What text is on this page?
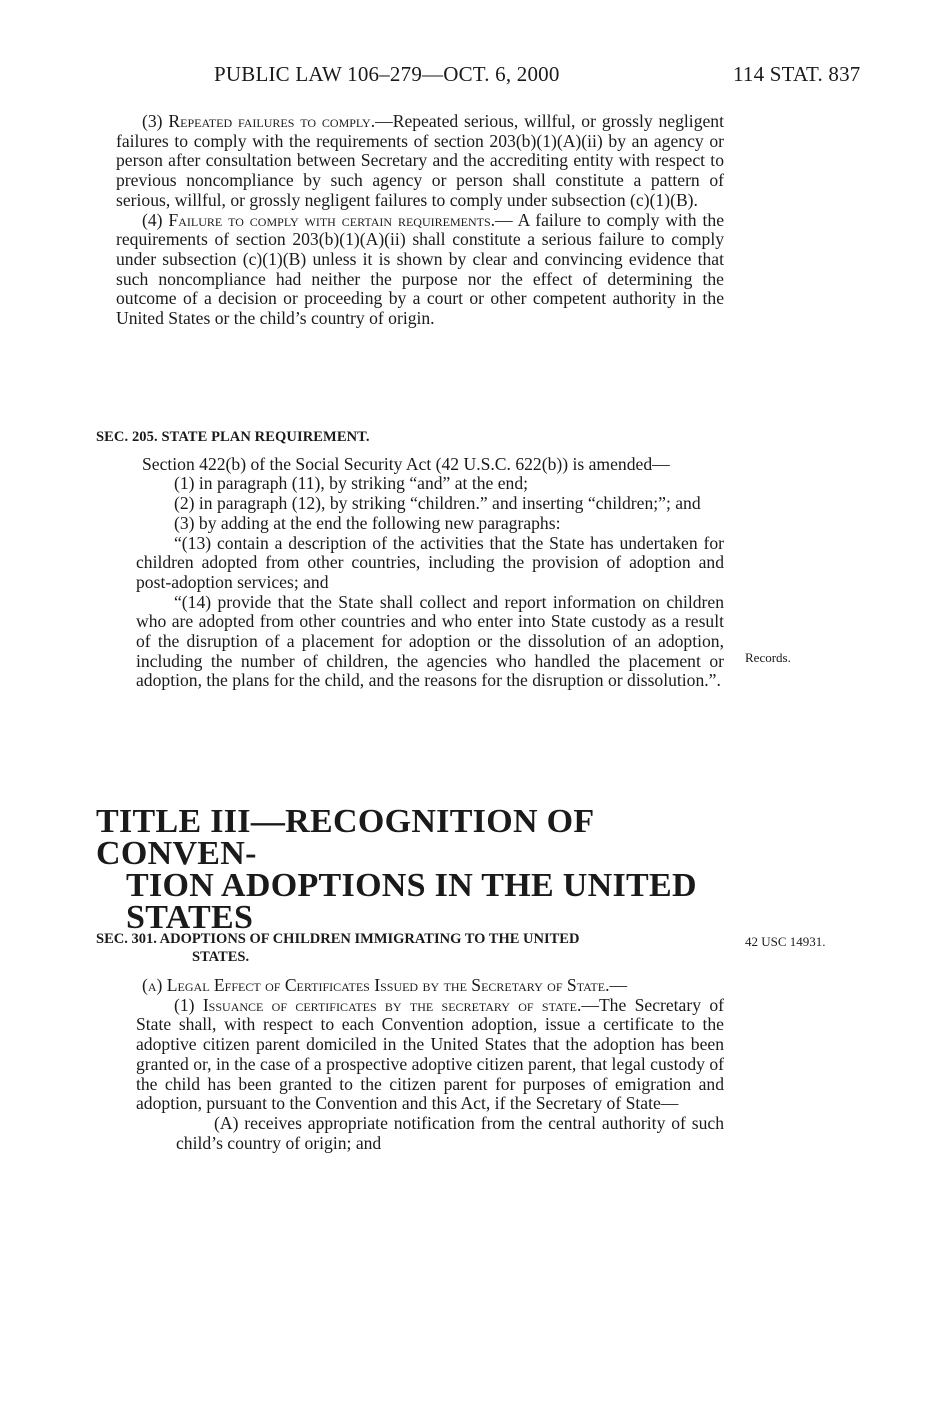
PUBLIC LAW 106–279—OCT. 6, 2000	114 STAT. 837

(3) Repeated failures to comply.—Repeated serious, willful, or grossly negligent failures to comply with the requirements of section 203(b)(1)(A)(ii) by an agency or person after consultation between Secretary and the accrediting entity with respect to previous noncompliance by such agency or person shall constitute a pattern of serious, willful, or grossly negligent failures to comply under subsection (c)(1)(B).

(4) Failure to comply with certain requirements.— A failure to comply with the requirements of section 203(b)(1)(A)(ii) shall constitute a serious failure to comply under subsection (c)(1)(B) unless it is shown by clear and convincing evidence that such noncompliance had neither the purpose nor the effect of determining the outcome of a decision or proceeding by a court or other competent authority in the United States or the child’s country of origin.

SEC. 205. STATE PLAN REQUIREMENT.

Section 422(b) of the Social Security Act (42 U.S.C. 622(b)) is amended—

(1) in paragraph (11), by striking “and” at the end;

(2) in paragraph (12), by striking “children.” and inserting “children;”; and

(3) by adding at the end the following new paragraphs:

“(13) contain a description of the activities that the State has undertaken for children adopted from other countries, including the provision of adoption and post-adoption services; and

“(14) provide that the State shall collect and report information on children who are adopted from other countries and who enter into State custody as a result of the disruption of a placement for adoption or the dissolution of an adoption, including the number of children, the agencies who handled the placement or adoption, the plans for the child, and the reasons for the disruption or dissolution.”.

Records.
TITLE III—RECOGNITION OF CONVEN-
TION ADOPTIONS IN THE UNITED
STATES
SEC. 301. ADOPTIONS OF CHILDREN IMMIGRATING TO THE UNITED
STATES.
42 USC 14931.

(a) Legal Effect of Certificates Issued by the Secretary of State.—

(1) Issuance of certificates by the secretary of state.—The Secretary of State shall, with respect to each Convention adoption, issue a certificate to the adoptive citizen parent domiciled in the United States that the adoption has been granted or, in the case of a prospective adoptive citizen parent, that legal custody of the child has been granted to the citizen parent for purposes of emigration and adoption, pursuant to the Convention and this Act, if the Secretary of State—

(A) receives appropriate notification from the central authority of such child’s country of origin; and
